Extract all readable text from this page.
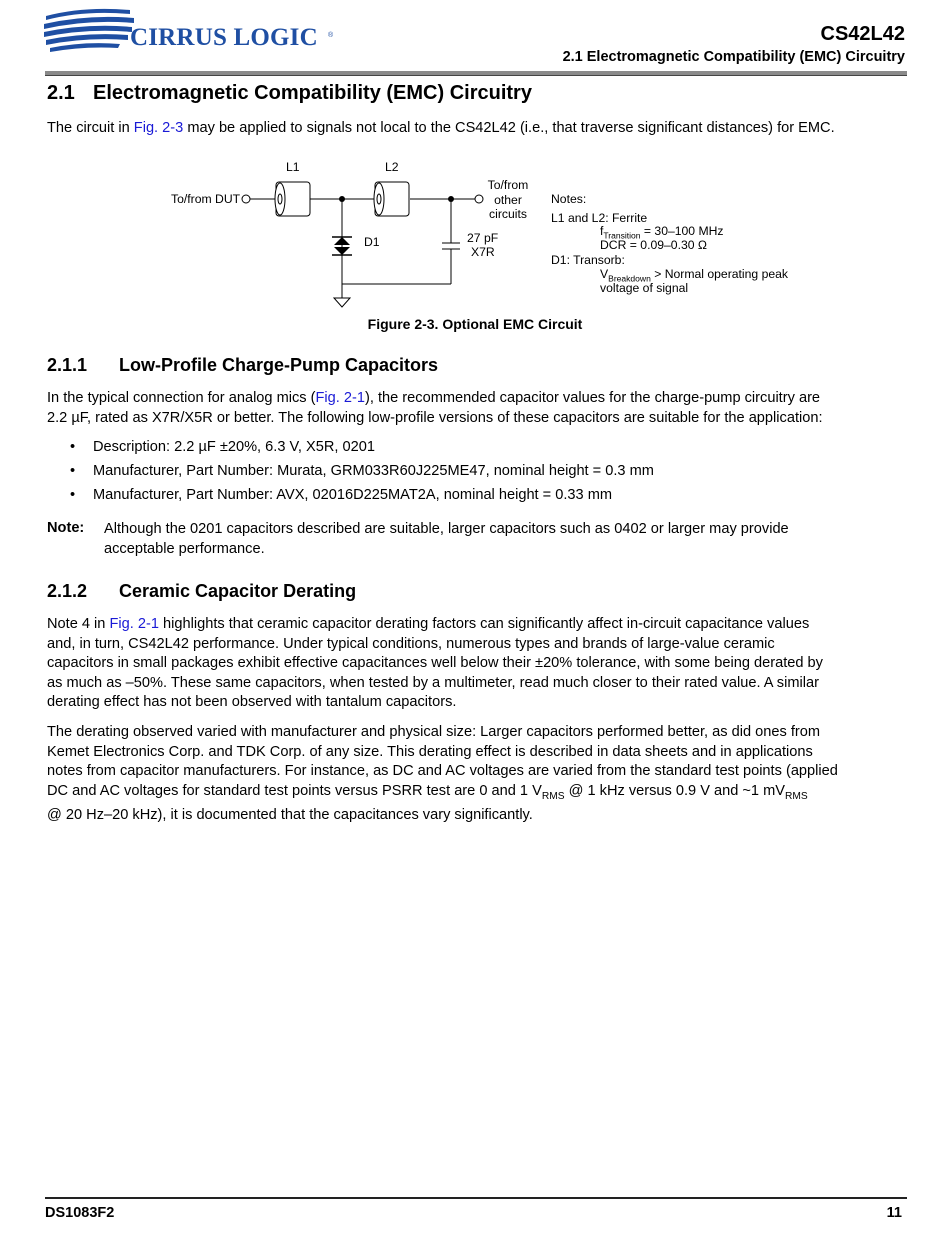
CIRRUS LOGIC ®	CS42L42
2.1 Electromagnetic Compatibility (EMC) Circuitry
2.1 Electromagnetic Compatibility (EMC) Circuitry
The circuit in Fig. 2-3 may be applied to signals not local to the CS42L42 (i.e., that traverse significant distances) for EMC.
L1	L2
To/from DUT
To/from
other
circuits
D1	27 pF
X7R
Notes:
L1 and L2: Ferrite
$f_{Transition} = 30-100$ MHz
DCR = 0.09–0.30 Ω
D1: Transorb:
$V_{Breakdown}$ > Normal operating peak
voltage of signal
Figure 2-3. Optional EMC Circuit
2.1.1 Low-Profile Charge-Pump Capacitors
In the typical connection for analog mics (Fig. 2-1), the recommended capacitor values for the charge-pump circuitry are
2.2 µF, rated as X7R/X5R or better. The following low-profile versions of these capacitors are suitable for the application:
• Description: 2.2 µF ±20%, 6.3 V, X5R, 0201
• Manufacturer, Part Number: Murata, GRM033R60J225ME47, nominal height = 0.3 mm
• Manufacturer, Part Number: AVX, 02016D225MAT2A, nominal height = 0.33 mm
Note: Although the 0201 capacitors described are suitable, larger capacitors such as 0402 or larger may provide
acceptable performance.
2.1.2 Ceramic Capacitor Derating
Note 4 in Fig. 2-1 highlights that ceramic capacitor derating factors can significantly affect in-circuit capacitance values
and, in turn, CS42L42 performance. Under typical conditions, numerous types and brands of large-value ceramic
capacitors in small packages exhibit effective capacitances well below their ±20% tolerance, with some being derated by
as much as –50%. These same capacitors, when tested by a multimeter, read much closer to their rated value. A similar
derating effect has not been observed with tantalum capacitors.
The derating observed varied with manufacturer and physical size: Larger capacitors performed better, as did ones from
Kemet Electronics Corp. and TDK Corp. of any size. This derating effect is described in data sheets and in applications
notes from capacitor manufacturers. For instance, as DC and AC voltages are varied from the standard test points (applied
DC and AC voltages for standard test points versus PSRR test are 0 and 1 $V_{RMS}$ @ 1 kHz versus 0.9 V and ~1 $mV_{RMS}$
@ 20 Hz–20 kHz), it is documented that the capacitances vary significantly.
DS1083F2	11
